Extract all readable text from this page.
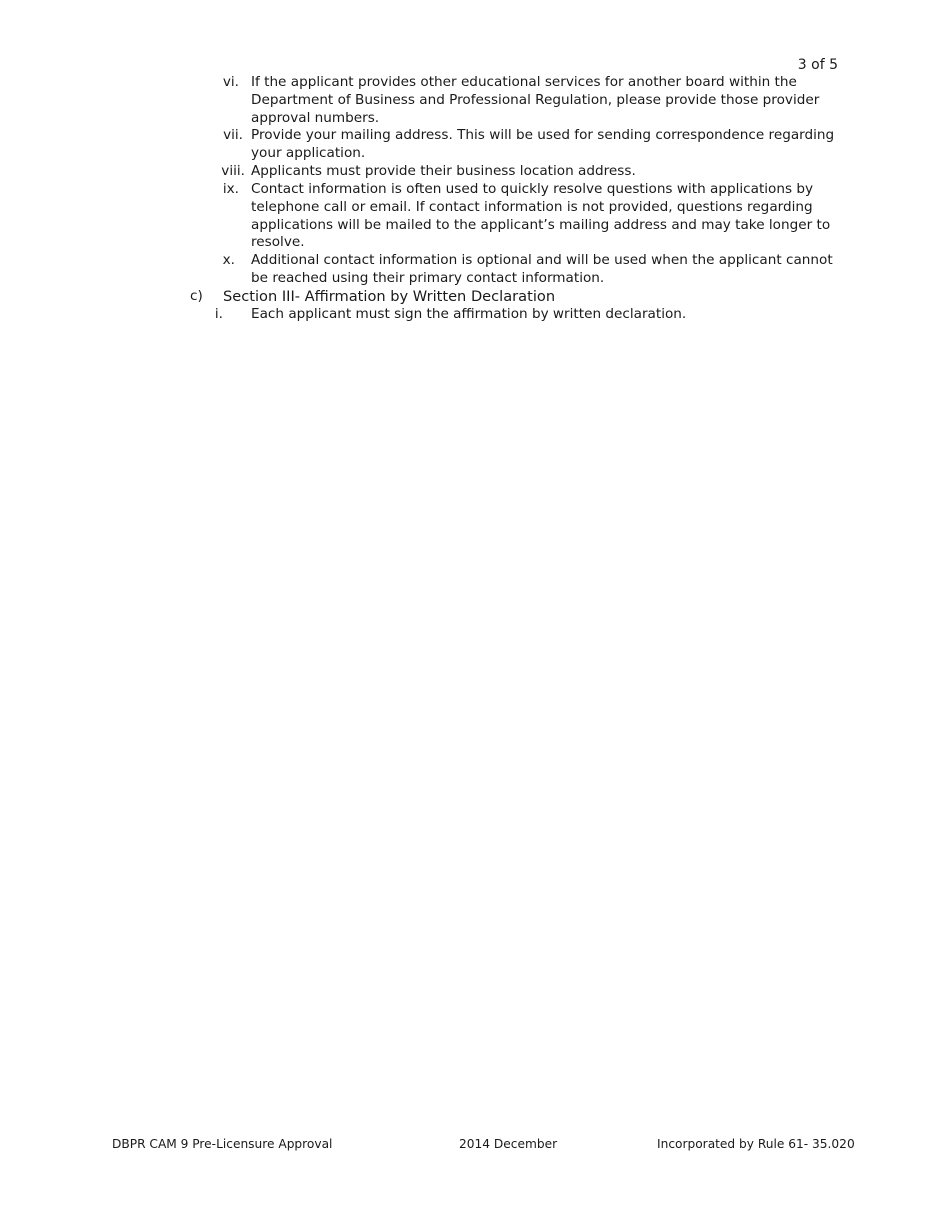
3 of 5
vi. If the applicant provides other educational services for another board within the Department of Business and Professional Regulation, please provide those provider approval numbers.
vii. Provide your mailing address. This will be used for sending correspondence regarding your application.
viii. Applicants must provide their business location address.
ix. Contact information is often used to quickly resolve questions with applications by telephone call or email. If contact information is not provided, questions regarding applications will be mailed to the applicant’s mailing address and may take longer to resolve.
x. Additional contact information is optional and will be used when the applicant cannot be reached using their primary contact information.
c)	Section III- Affirmation by Written Declaration
i. Each applicant must sign the affirmation by written declaration.
DBPR CAM 9 Pre-Licensure Approval	2014 December	Incorporated by Rule 61- 35.020
